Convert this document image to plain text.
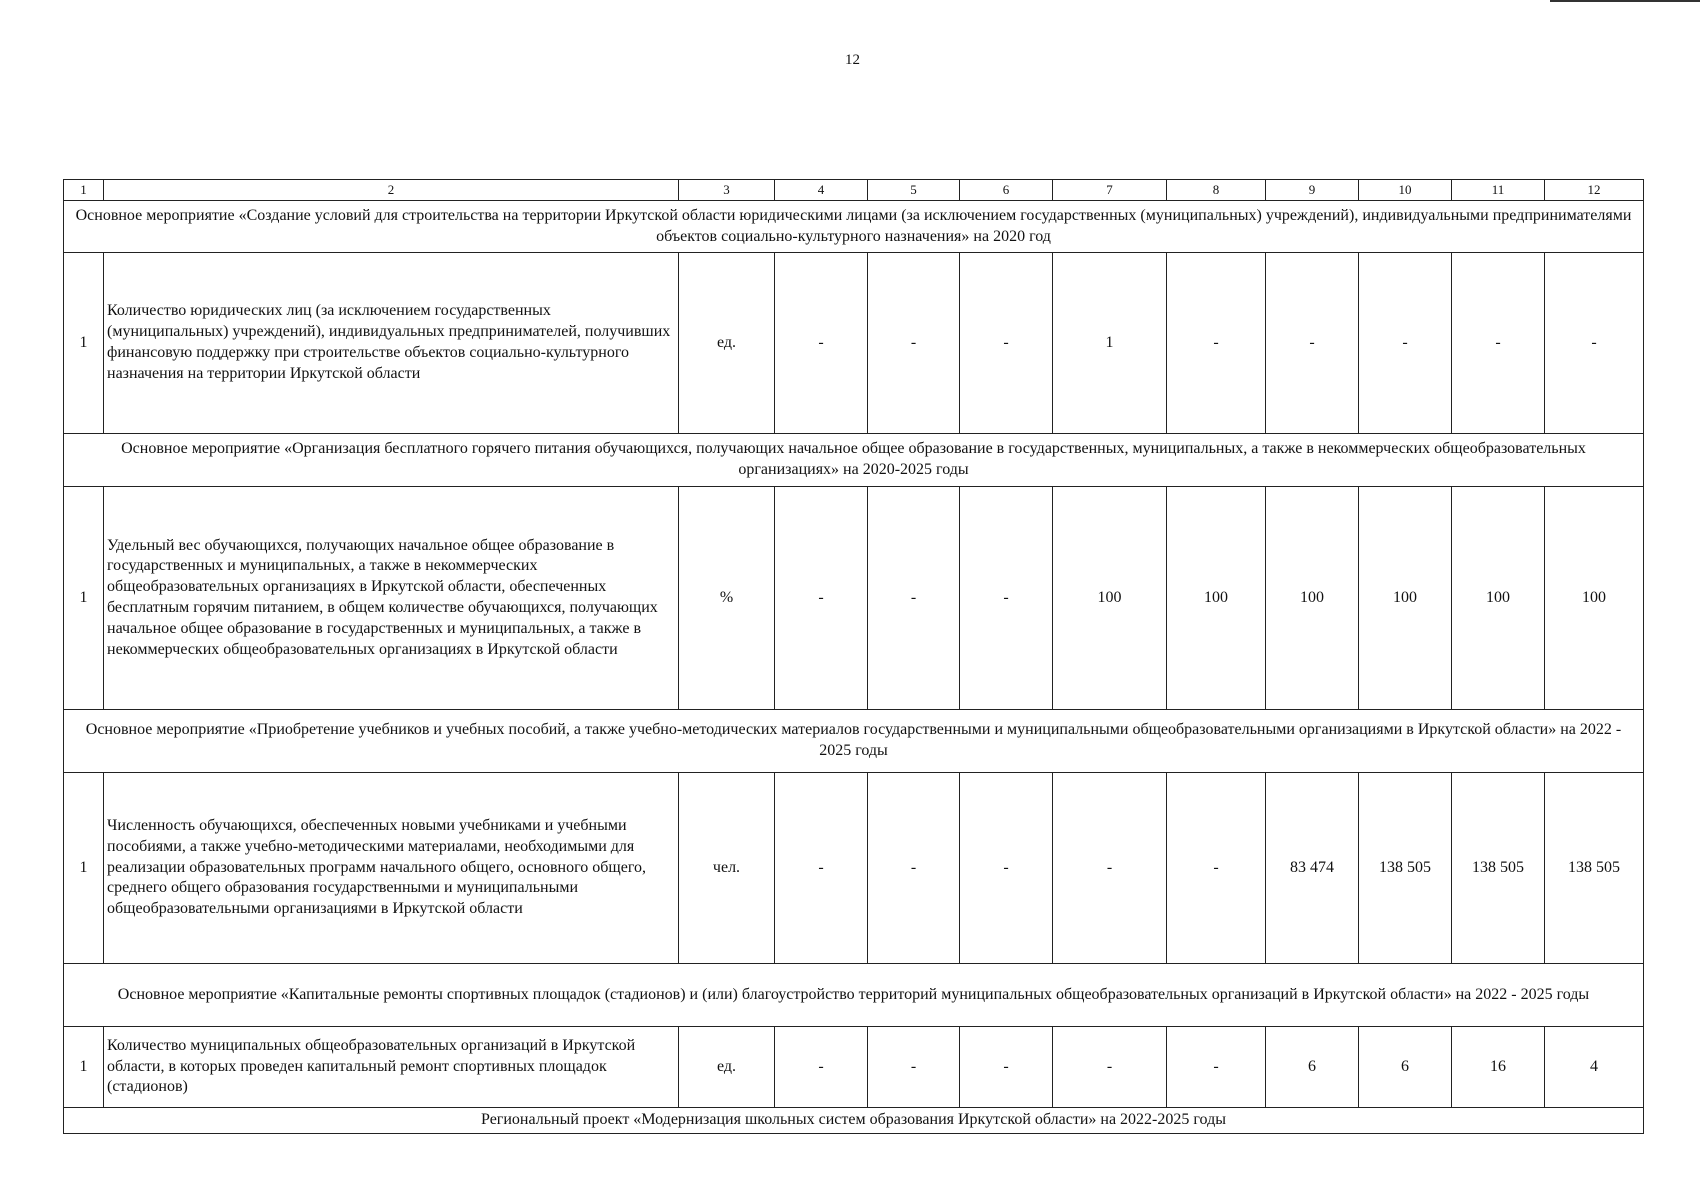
12
1	2	3	4	5	6	7	8	9	10	11	12
Основное мероприятие «Создание условий для строительства на территории Иркутской области юридическими лицами (за исключением государственных (муниципальных) учреждений), индивидуальными предпринимателями объектов социально-культурного назначения» на 2020 год											
1	Количество юридических лиц (за исключением государственных (муниципальных) учреждений), индивидуальных предпринимателей, получивших финансовую поддержку при строительстве объектов социально-культурного назначения на территории Иркутской области	ед.	-	-	-	1	-	-	-	-	-
Основное мероприятие «Организация бесплатного горячего питания обучающихся, получающих начальное общее образование в государственных, муниципальных, а также в некоммерческих общеобразовательных организациях» на 2020-2025 годы											
1	Удельный вес обучающихся, получающих начальное общее образование в государственных и муниципальных, а также в некоммерческих общеобразовательных организациях в Иркутской области, обеспеченных бесплатным горячим питанием, в общем количестве обучающихся, получающих начальное общее образование в государственных и муниципальных, а также в некоммерческих общеобразовательных организациях в Иркутской области	%	-	-	-	100	100	100	100	100	100
Основное мероприятие «Приобретение учебников и учебных пособий, а также учебно-методических материалов государственными и муниципальными общеобразовательными организациями в Иркутской области» на 2022 - 2025 годы											
1	Численность обучающихся, обеспеченных новыми учебниками и учебными пособиями, а также учебно-методическими материалами, необходимыми для реализации образовательных программ начального общего, основного общего, среднего общего образования государственными и муниципальными общеобразовательными организациями в Иркутской области	чел.	-	-	-	-	-	83 474	138 505	138 505	138 505
Основное мероприятие «Капитальные ремонты спортивных площадок (стадионов) и (или) благоустройство территорий муниципальных общеобразовательных организаций в Иркутской области» на 2022 - 2025 годы											
1	Количество муниципальных общеобразовательных организаций в Иркутской области, в которых проведен капитальный ремонт спортивных площадок (стадионов)	ед.	-	-	-	-	-	6	6	16	4
Региональный проект «Модернизация школьных систем образования Иркутской области» на 2022-2025 годы											
